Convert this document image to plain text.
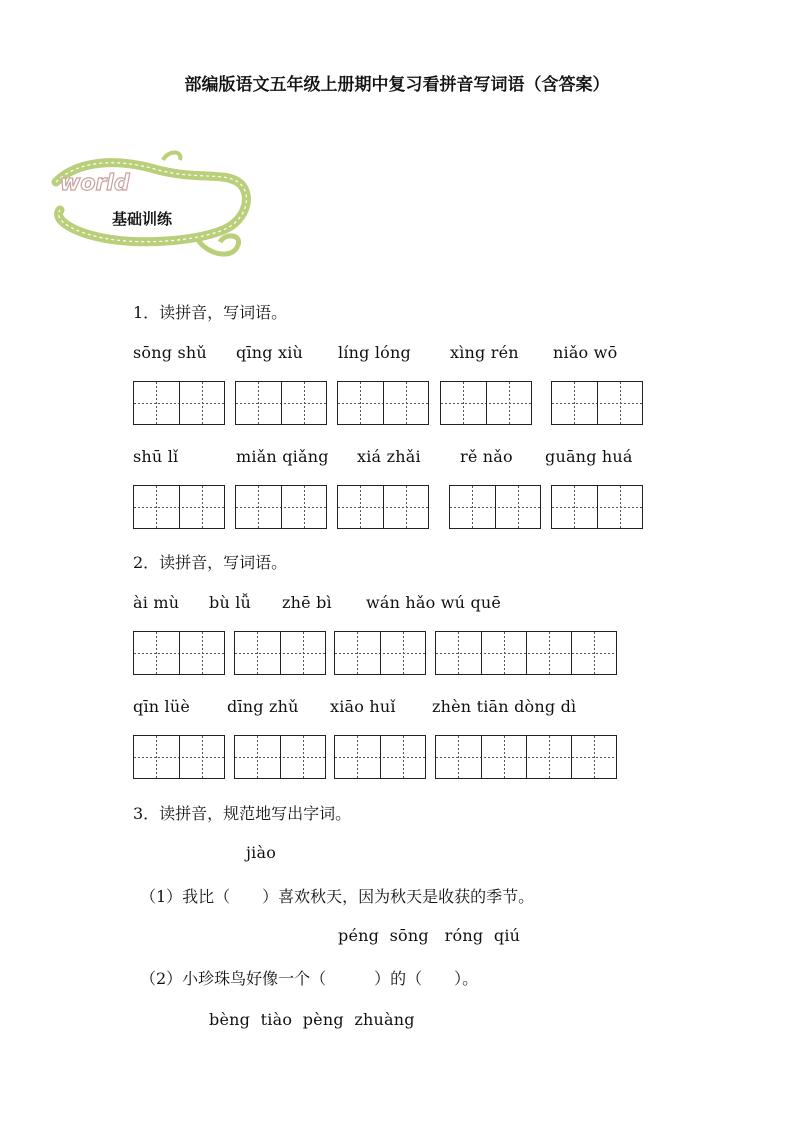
部编版语文五年级上册期中复习看拼音写词语（含答案）
world
基础训练
1．读拼音，写词语。
sōng shǔ qīng xiù líng lóng xìng rén niǎo wō
shū lǐ	miǎn qiǎng xiá zhǎi rě nǎo guāng huá
2．读拼音，写词语。
ài mù bù lǚ zhē bì wán hǎo wú quē
qīn lüè dīng zhǔ xiāo huǐ zhèn tiān dòng dì
3．读拼音，规范地写出字词。
jiào
（1）我比（　　）喜欢秋天，因为秋天是收获的季节。
péng  sōng   róng  qiú
（2）小珍珠鸟好像一个（　　　）的（　　）。
bèng  tiào  pèng  zhuàng
